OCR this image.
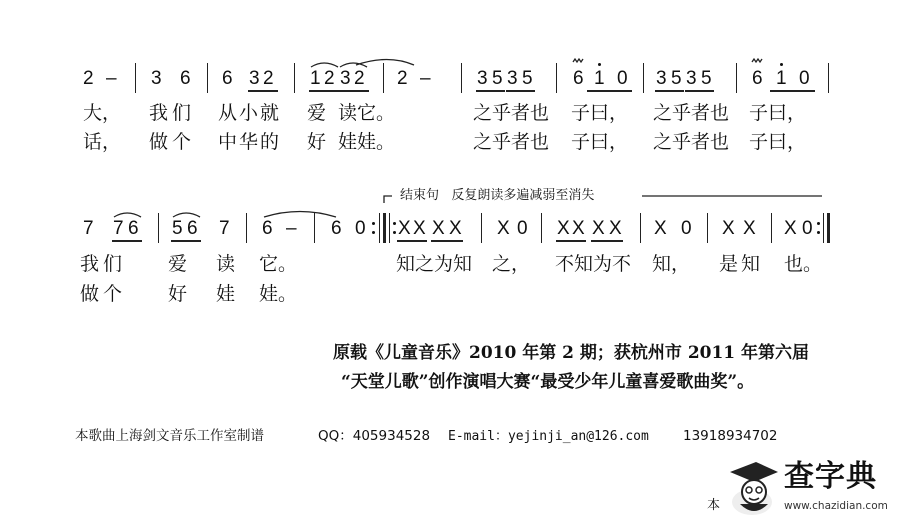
2 – 3 6 6 3 2 1 2 3 2 2 – 3 5 3 5 6 1 0 3 5 3 5 6 1 0
大， 我们 从小就 爱 读它。	之乎者也 子曰， 之乎者也 子曰，
话， 做个 中华的 好 娃娃。	之乎者也 子曰， 之乎者也 子曰，
结束句   反复朗读多遍减弱至消失
7 7 6 5 6 7 6 – 6 0 X X X X X 0 X X X X X 0 X X X 0
我们 爱 读 它。	知之为知 之， 不知为不 知， 是知 也。
做个 好 娃 娃。
原载《儿童音乐》2010 年第 2 期；获杭州市 2011 年第六届
“天堂儿歌”创作演唱大赛“最受少年儿童喜爱歌曲奖”。
本歌曲上海剑文音乐工作室制谱	QQ：405934528 E-mail：yejinji_an@126.com	13918934702
本
查字典
www.chazidian.com
